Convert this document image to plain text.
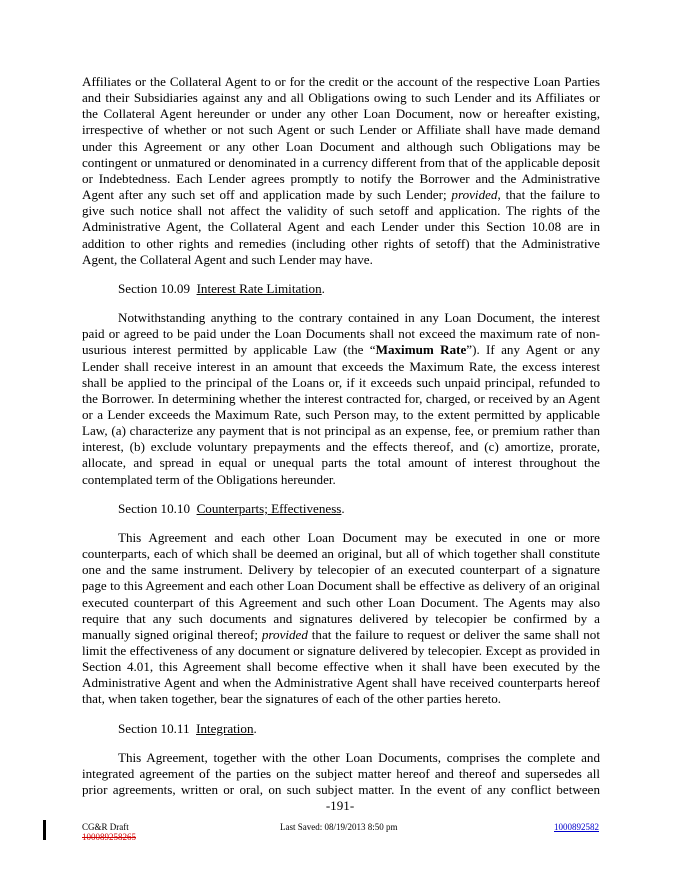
Affiliates or the Collateral Agent to or for the credit or the account of the respective Loan Parties and their Subsidiaries against any and all Obligations owing to such Lender and its Affiliates or the Collateral Agent hereunder or under any other Loan Document, now or hereafter existing, irrespective of whether or not such Agent or such Lender or Affiliate shall have made demand under this Agreement or any other Loan Document and although such Obligations may be contingent or unmatured or denominated in a currency different from that of the applicable deposit or Indebtedness. Each Lender agrees promptly to notify the Borrower and the Administrative Agent after any such set off and application made by such Lender; provided, that the failure to give such notice shall not affect the validity of such setoff and application. The rights of the Administrative Agent, the Collateral Agent and each Lender under this Section 10.08 are in addition to other rights and remedies (including other rights of setoff) that the Administrative Agent, the Collateral Agent and such Lender may have.

Section 10.09 Interest Rate Limitation.

Notwithstanding anything to the contrary contained in any Loan Document, the interest paid or agreed to be paid under the Loan Documents shall not exceed the maximum rate of non-usurious interest permitted by applicable Law (the “Maximum Rate”). If any Agent or any Lender shall receive interest in an amount that exceeds the Maximum Rate, the excess interest shall be applied to the principal of the Loans or, if it exceeds such unpaid principal, refunded to the Borrower. In determining whether the interest contracted for, charged, or received by an Agent or a Lender exceeds the Maximum Rate, such Person may, to the extent permitted by applicable Law, (a) characterize any payment that is not principal as an expense, fee, or premium rather than interest, (b) exclude voluntary prepayments and the effects thereof, and (c) amortize, prorate, allocate, and spread in equal or unequal parts the total amount of interest throughout the contemplated term of the Obligations hereunder.

Section 10.10 Counterparts; Effectiveness.

This Agreement and each other Loan Document may be executed in one or more counterparts, each of which shall be deemed an original, but all of which together shall constitute one and the same instrument. Delivery by telecopier of an executed counterpart of a signature page to this Agreement and each other Loan Document shall be effective as delivery of an original executed counterpart of this Agreement and such other Loan Document. The Agents may also require that any such documents and signatures delivered by telecopier be confirmed by a manually signed original thereof; provided that the failure to request or deliver the same shall not limit the effectiveness of any document or signature delivered by telecopier. Except as provided in Section 4.01, this Agreement shall become effective when it shall have been executed by the Administrative Agent and when the Administrative Agent shall have received counterparts hereof that, when taken together, bear the signatures of each of the other parties hereto.

Section 10.11 Integration.

This Agreement, together with the other Loan Documents, comprises the complete and integrated agreement of the parties on the subject matter hereof and thereof and supersedes all prior agreements, written or oral, on such subject matter. In the event of any conflict between

-191-
CG&R Draft
100089258265
Last Saved: 08/19/2013 8:50 pm	1000892582
